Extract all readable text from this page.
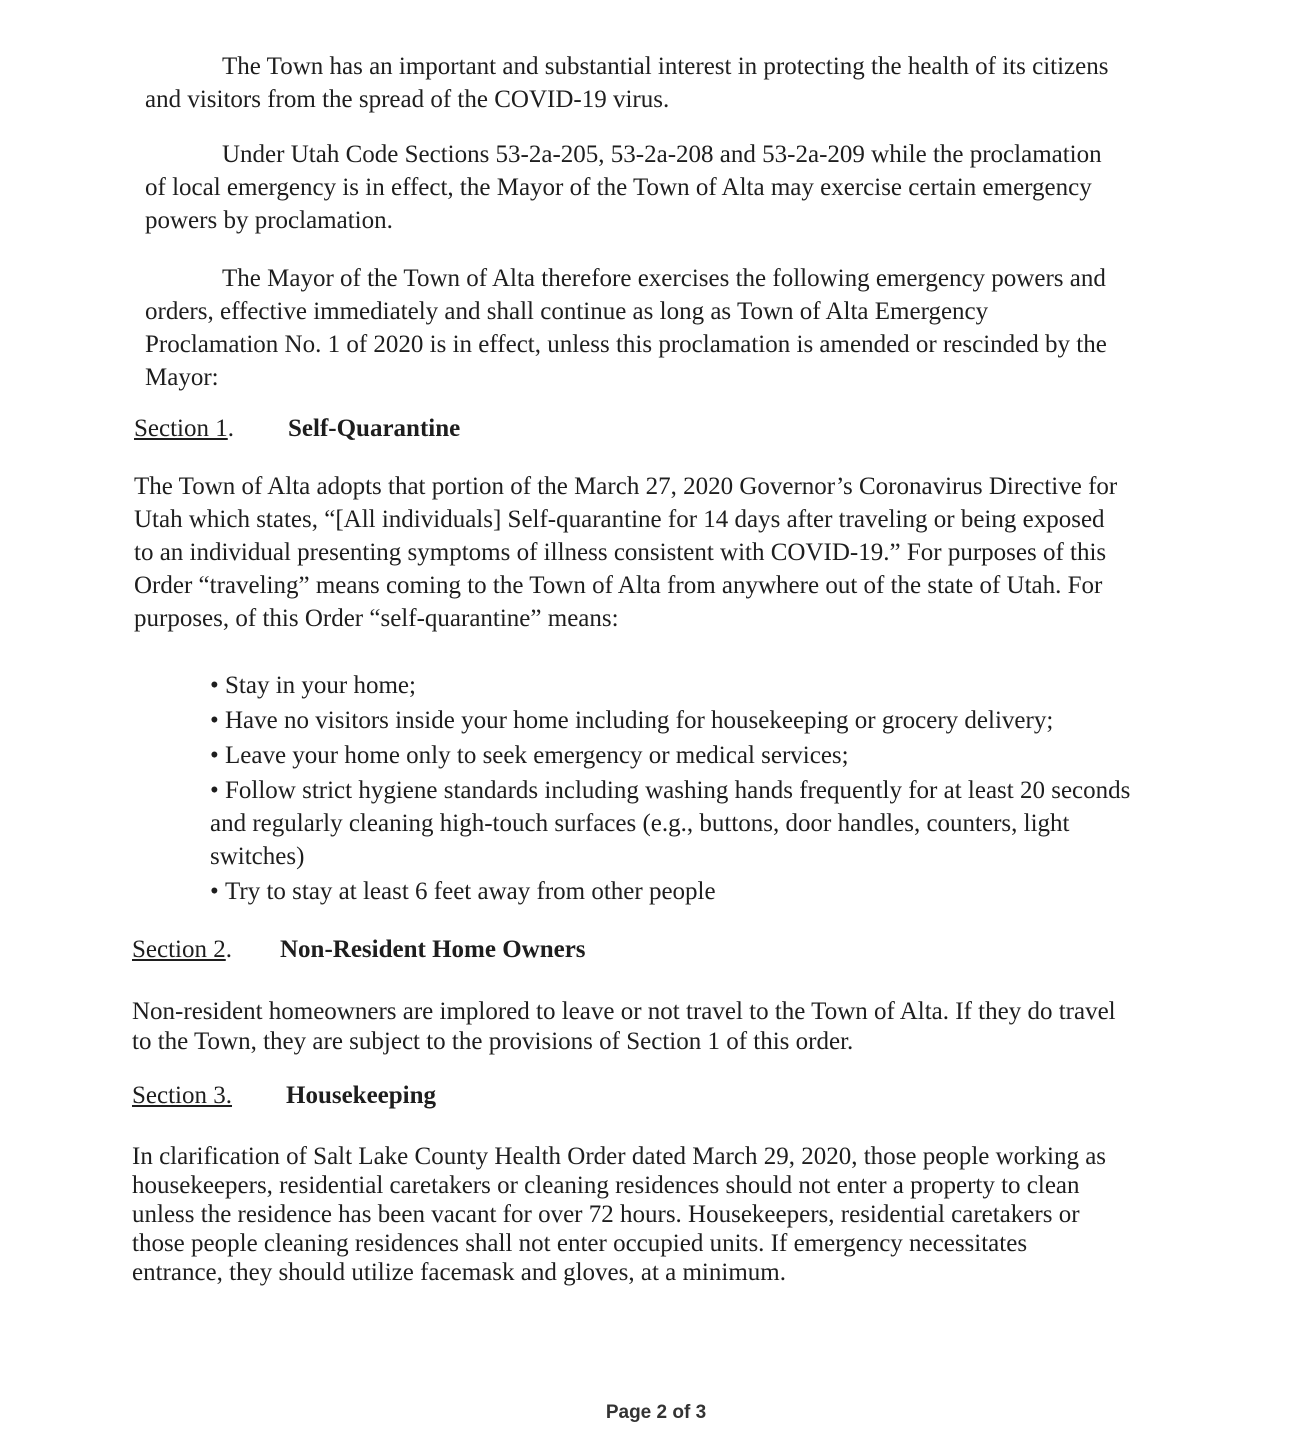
The Town has an important and substantial interest in protecting the health of its citizens
and visitors from the spread of the COVID-19 virus.

Under Utah Code Sections 53-2a-205, 53-2a-208 and 53-2a-209 while the proclamation
of local emergency is in effect, the Mayor of the Town of Alta may exercise certain emergency
powers by proclamation.

The Mayor of the Town of Alta therefore exercises the following emergency powers and
orders, effective immediately and shall continue as long as Town of Alta Emergency
Proclamation No. 1 of 2020 is in effect, unless this proclamation is amended or rescinded by the
Mayor:

Section 1. Self-Quarantine

The Town of Alta adopts that portion of the March 27, 2020 Governor’s Coronavirus Directive for
Utah which states, “[All individuals] Self-quarantine for 14 days after traveling or being exposed
to an individual presenting symptoms of illness consistent with COVID-19.” For purposes of this
Order “traveling” means coming to the Town of Alta from anywhere out of the state of Utah. For
purposes, of this Order “self-quarantine” means:

• Stay in your home;
• Have no visitors inside your home including for housekeeping or grocery delivery;
• Leave your home only to seek emergency or medical services;
• Follow strict hygiene standards including washing hands frequently for at least 20 seconds
and regularly cleaning high-touch surfaces (e.g., buttons, door handles, counters, light
switches)
• Try to stay at least 6 feet away from other people
Section 2. Non-Resident Home Owners

Non-resident homeowners are implored to leave or not travel to the Town of Alta. If they do travel
to the Town, they are subject to the provisions of Section 1 of this order.

Section 3. Housekeeping

In clarification of Salt Lake County Health Order dated March 29, 2020, those people working as
housekeepers, residential caretakers or cleaning residences should not enter a property to clean
unless the residence has been vacant for over 72 hours. Housekeepers, residential caretakers or
those people cleaning residences shall not enter occupied units. If emergency necessitates
entrance, they should utilize facemask and gloves, at a minimum.

Page 2 of 3
